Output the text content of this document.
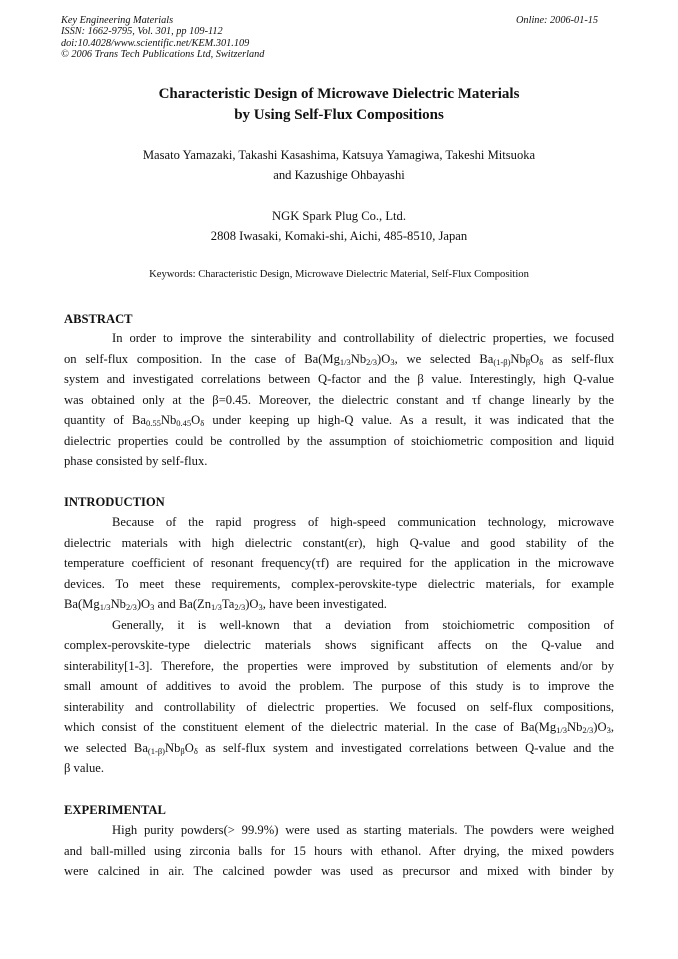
Key Engineering Materials
ISSN: 1662-9795, Vol. 301, pp 109-112
doi:10.4028/www.scientific.net/KEM.301.109
© 2006 Trans Tech Publications Ltd, Switzerland
Online: 2006-01-15
Characteristic Design of Microwave Dielectric Materials
by Using Self-Flux Compositions
Masato Yamazaki, Takashi Kasashima, Katsuya Yamagiwa, Takeshi Mitsuoka
and Kazushige Ohbayashi
NGK Spark Plug Co., Ltd.
2808 Iwasaki, Komaki-shi, Aichi, 485-8510, Japan
Keywords: Characteristic Design, Microwave Dielectric Material, Self-Flux Composition
ABSTRACT
In order to improve the sinterability and controllability of dielectric properties, we focused
on self-flux composition. In the case of $Ba(Mg_{1/3}Nb_{2/3})O_3$, we selected $Ba_{(1-\beta)}Nb_\beta O_\delta$ as self-flux
system and investigated correlations between Q-factor and the β value. Interestingly, high Q-value
was obtained only at the β=0.45. Moreover, the dielectric constant and τf change linearly by the
quantity of $Ba_{0.55}Nb_{0.45}O_\delta$ under keeping up high-Q value. As a result, it was indicated that the
dielectric properties could be controlled by the assumption of stoichiometric composition and liquid
phase consisted by self-flux.
INTRODUCTION
Because of the rapid progress of high-speed communication technology, microwave
dielectric materials with high dielectric constant(εr), high Q-value and good stability of the
temperature coefficient of resonant frequency(τf) are required for the application in the microwave
devices. To meet these requirements, complex-perovskite-type dielectric materials, for example
$Ba(Mg_{1/3}Nb_{2/3})O_3$ and $Ba(Zn_{1/3}Ta_{2/3})O_3$, have been investigated.
Generally, it is well-known that a deviation from stoichiometric composition of
complex-perovskite-type dielectric materials shows significant affects on the Q-value and
sinterability[1-3]. Therefore, the properties were improved by substitution of elements and/or by
small amount of additives to avoid the problem. The purpose of this study is to improve the
sinterability and controllability of dielectric properties. We focused on self-flux compositions,
which consist of the constituent element of the dielectric material. In the case of $Ba(Mg_{1/3}Nb_{2/3})O_3$,
we selected $Ba_{(1-\beta)}Nb_\beta O_\delta$ as self-flux system and investigated correlations between Q-value and the
β value.
EXPERIMENTAL
High purity powders(> 99.9%) were used as starting materials. The powders were weighed
and ball-milled using zirconia balls for 15 hours with ethanol. After drying, the mixed powders
were calcined in air. The calcined powder was used as precursor and mixed with binder by
